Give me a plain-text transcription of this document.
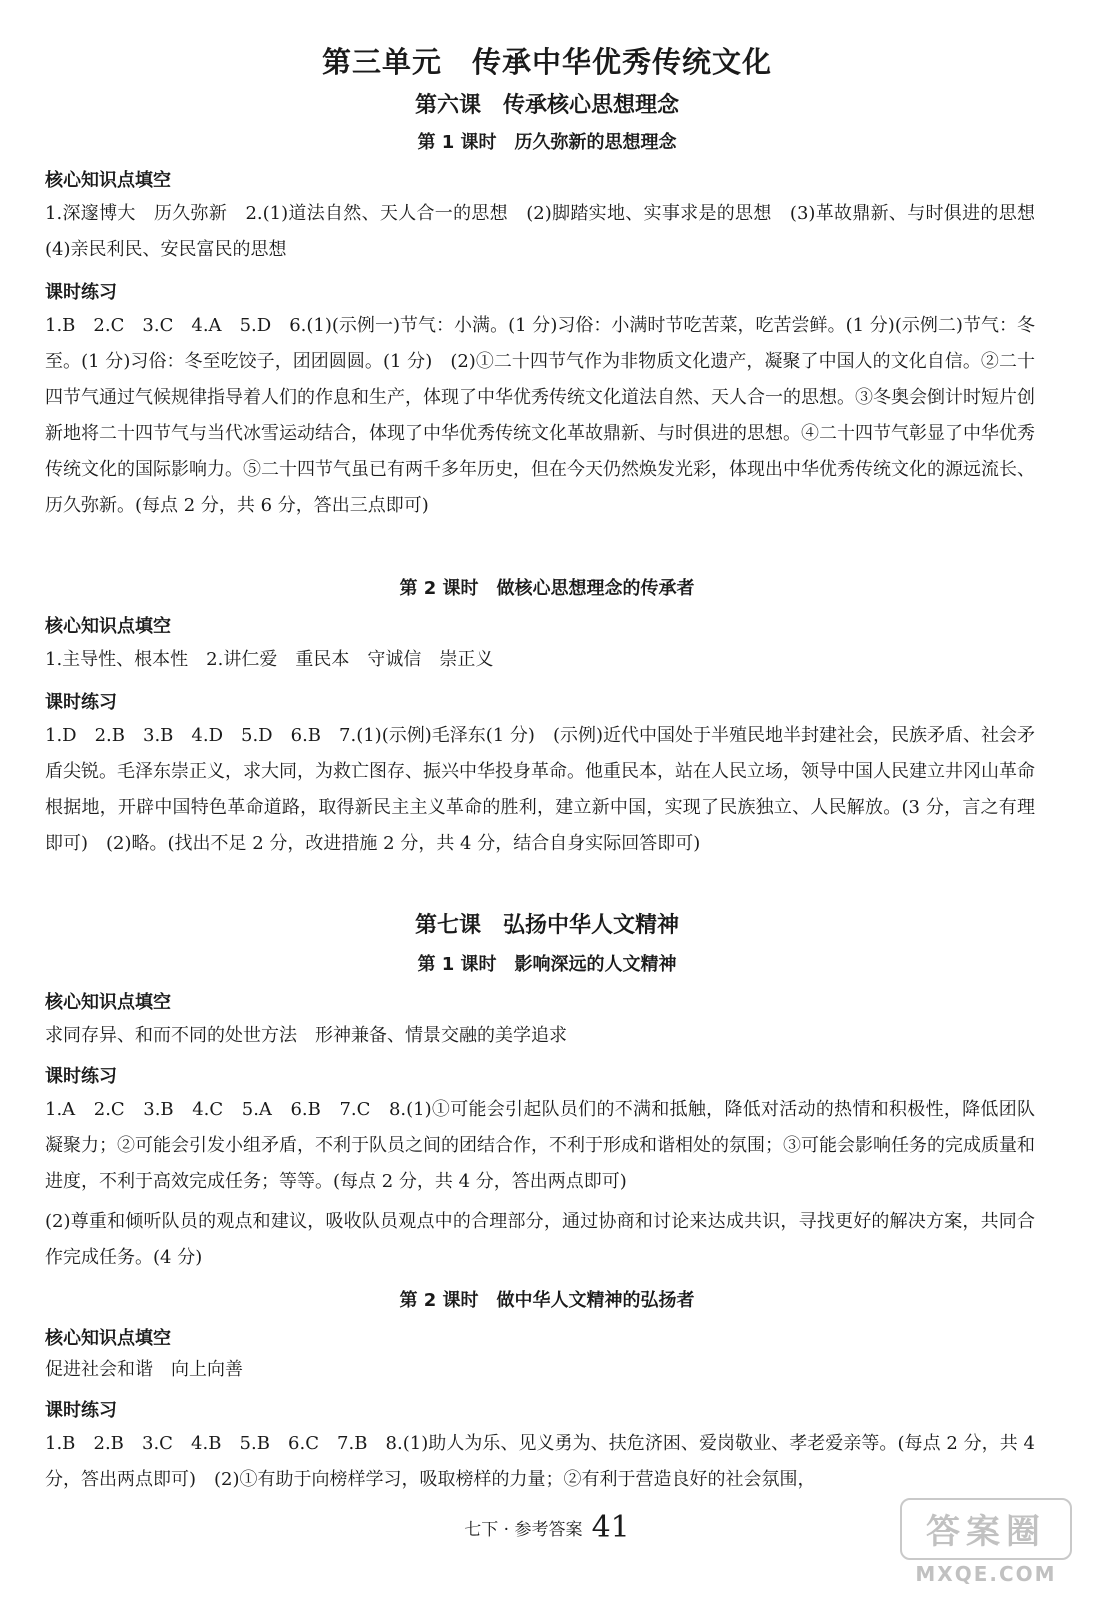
第三单元　传承中华优秀传统文化
第六课　传承核心思想理念
第 1 课时　历久弥新的思想理念
核心知识点填空
1.深邃博大　历久弥新　2.(1)道法自然、天人合一的思想　(2)脚踏实地、实事求是的思想　(3)革故鼎新、与时俱进的思想　(4)亲民利民、安民富民的思想
课时练习
1.B　2.C　3.C　4.A　5.D　6.(1)(示例一)节气：小满。(1 分)习俗：小满时节吃苦菜，吃苦尝鲜。(1 分)(示例二)节气：冬至。(1 分)习俗：冬至吃饺子，团团圆圆。(1 分)　(2)①二十四节气作为非物质文化遗产，凝聚了中国人的文化自信。②二十四节气通过气候规律指导着人们的作息和生产，体现了中华优秀传统文化道法自然、天人合一的思想。③冬奥会倒计时短片创新地将二十四节气与当代冰雪运动结合，体现了中华优秀传统文化革故鼎新、与时俱进的思想。④二十四节气彰显了中华优秀传统文化的国际影响力。⑤二十四节气虽已有两千多年历史，但在今天仍然焕发光彩，体现出中华优秀传统文化的源远流长、历久弥新。(每点 2 分，共 6 分，答出三点即可)
第 2 课时　做核心思想理念的传承者
核心知识点填空
1.主导性、根本性　2.讲仁爱　重民本　守诚信　崇正义
课时练习
1.D　2.B　3.B　4.D　5.D　6.B　7.(1)(示例)毛泽东(1 分)　(示例)近代中国处于半殖民地半封建社会，民族矛盾、社会矛盾尖锐。毛泽东崇正义，求大同，为救亡图存、振兴中华投身革命。他重民本，站在人民立场，领导中国人民建立井冈山革命根据地，开辟中国特色革命道路，取得新民主主义革命的胜利，建立新中国，实现了民族独立、人民解放。(3 分，言之有理即可)　(2)略。(找出不足 2 分，改进措施 2 分，共 4 分，结合自身实际回答即可)
第七课　弘扬中华人文精神
第 1 课时　影响深远的人文精神
核心知识点填空
求同存异、和而不同的处世方法　形神兼备、情景交融的美学追求
课时练习
1.A　2.C　3.B　4.C　5.A　6.B　7.C　8.(1)①可能会引起队员们的不满和抵触，降低对活动的热情和积极性，降低团队凝聚力；②可能会引发小组矛盾，不利于队员之间的团结合作，不利于形成和谐相处的氛围；③可能会影响任务的完成质量和进度，不利于高效完成任务；等等。(每点 2 分，共 4 分，答出两点即可)
(2)尊重和倾听队员的观点和建议，吸收队员观点中的合理部分，通过协商和讨论来达成共识，寻找更好的解决方案，共同合作完成任务。(4 分)
第 2 课时　做中华人文精神的弘扬者
核心知识点填空
促进社会和谐　向上向善
课时练习
1.B　2.B　3.C　4.B　5.B　6.C　7.B　8.(1)助人为乐、见义勇为、扶危济困、爱岗敬业、孝老爱亲等。(每点 2 分，共 4 分，答出两点即可)　(2)①有助于向榜样学习，吸取榜样的力量；②有利于营造良好的社会氛围，
七下 · 参考答案 41	答案圈
MXQE.COM
